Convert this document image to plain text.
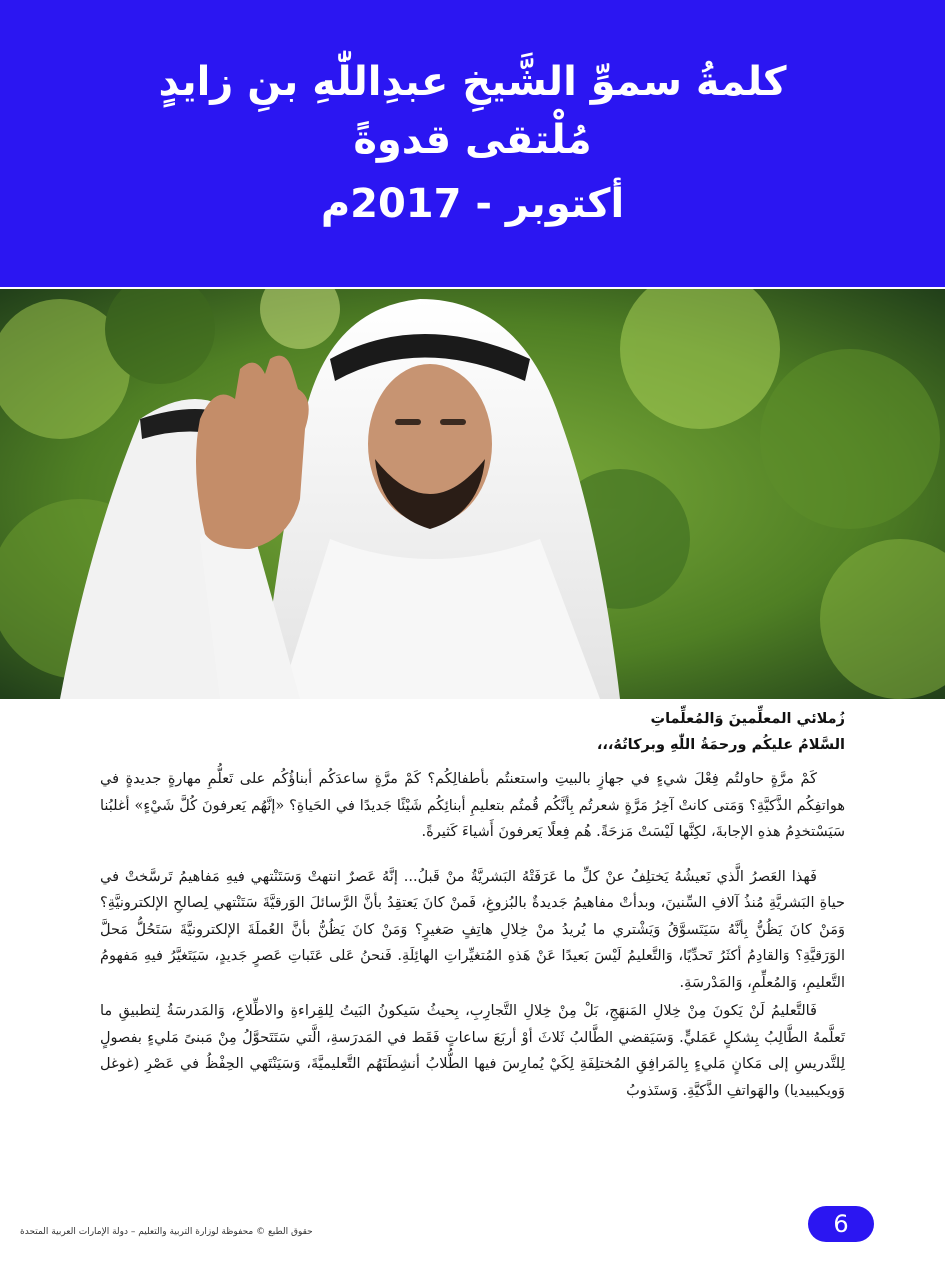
كلمةُ سموِّ الشَّيخِ عبدِاللّٰهِ بنِ زايدٍ
مُلْتقى قدوةً
أكتوبر - 2017م
زُملائي المعلِّمينَ وَالمُعلِّماتِ
السَّلامُ عليكُم ورحمَةُ اللّٰهِ وبركاتُهُ،،،

كَمْ مرَّةٍ حاولتُم فِعْلَ شيءٍ في جهازٍ بالبيتِ واستعنتُم بأطفالِكُم؟ كَمْ مرَّةٍ ساعدَكُم أبناؤُكُم على تَعلُّمِ مهارةٍ جديدةٍ في هواتفِكُم الذَّكيَّةِ؟ وَمَتى كانتْ آخِرُ مَرَّةٍ شعرتُم بِأنَّكُم قُمتُم بتعليمِ أبنائِكُم شَيْئًا جَديدًا في الحَياةِ؟ «إنَّهُم يَعرفونَ كُلَّ شَيْءٍ» أغلبُنا سَيَسْتخدِمُ هذهِ الإجابةَ، لكِنَّها لَيْسَتْ مَزحَةً. هُم فِعلًا يَعرفونَ أَشياءَ كَثيرةً.

فَهذا العَصرُ الَّذي نَعيشُهُ يَختلِفُ عنْ كلِّ ما عَرَفَتْهُ البَشريَّةُ منْ قَبلُ... إنَّهُ عَصرٌ انتهتْ وَسَتَنْتهي فيهِ مَفاهيمُ تَرسَّختْ في حياةِ البَشريَّةِ مُنذُ آلافِ السِّنينَ، وبدأتْ مفاهيمُ جَديدةٌ بالبُزوغِ، فَمنْ كانَ يَعتقِدُ بأنَّ الرَّسائلَ الوَرقيَّةَ سَتَنْتهي لِصالحِ الإلكترونيَّةِ؟ وَمَنْ كانَ يَظُنُّ بِأنَّهُ سَيَتَسوَّقُ وَيَشْتري ما يُريدُ منْ خِلالِ هاتِفٍ صَغيرٍ؟ وَمَنْ كانَ يَظُنُّ بأنَّ العُملَةَ الإلكترونيَّةَ سَتَحُلُّ مَحلَّ الوَرَقيَّةِ؟ وَالقادِمُ أكثَرُ تَحدِّيًا، وَالتَّعليمُ لَيْسَ بَعيدًا عَنْ هَذهِ المُتغيِّراتِ الهائِلَةِ. فَنحنُ عَلى عَتَباتِ عَصرٍ جَديدٍ، سَيَتَغيَّرُ فيهِ مَفهومُ التَّعليمِ، وَالمُعلِّمِ، وَالمَدْرسَةِ.

فَالتَّعليمُ لَنْ يَكونَ مِنْ خِلالِ المَنهَجِ، بَلْ مِنْ خِلالِ التَّجارِبِ، بِحيثُ سَيكونُ البَيتُ لِلقِراءةِ والاطِّلاعِ، وَالمَدرسَةُ لِتطبيقِ ما تَعلَّمهُ الطَّالِبُ بِشكلٍ عَمَليٍّ. وَسَيَقضي الطَّالبُ ثَلاثَ أوْ أربَعَ ساعاتٍ فَقَط في المَدرَسةِ، الَّتي سَتَتَحوَّلُ مِنْ مَبنىً مَليءٍ بفصولٍ لِلتَّدريسِ إلى مَكانٍ مَليءٍ بِالمَرافِقِ المُختلِفَةِ لِكَيْ يُمارِسَ فيها الطُّلابُ أنشِطَتَهُم التَّعليميَّةَ، وَسَيَنْتَهي الحِفْظُ في عَصْرِ (غوغل وَويكيبيديا) والهَواتفِ الذَّكيَّةِ. وَستَذوبُ

حقوق الطبع © محفوظة لوزارة التربية والتعليم – دولة الإمارات العربية المتحدة	6
